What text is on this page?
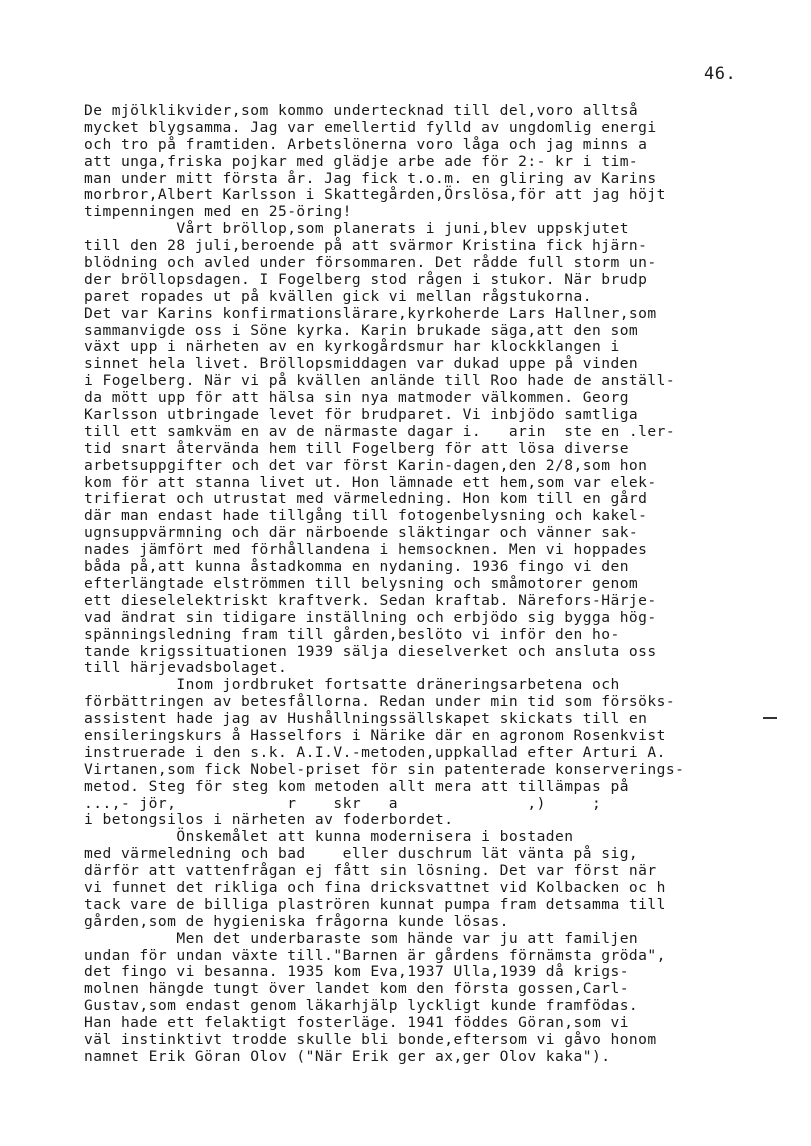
46.
De mjölklikvider,som kommo undertecknad till del,voro alltså
mycket blygsamma. Jag var emellertid fylld av ungdomlig energi
och tro på framtiden. Arbetslönerna voro låga och jag minns a
att unga,friska pojkar med glädje arbe ade för 2:- kr i tim-
man under mitt första år. Jag fick t.o.m. en glirin​g av Karins
morbror,Albert Karlsson i Skattegården,Örslösa,för att jag höjt
tim​penningen med en 25-öring!
Vårt bröllop,som planerats i juni,blev uppskjutet
till den 28 juli,beroende på att svärmor Kristina fick hjärn-
blödning och avled under försommaren. Det rådde full storm un-
der bröllopsdagen. I Fogelberg stod rågen i stukor. När brudp
paret ropades ut på kvällen gick vi mellan rågstukorna.
Det var Karins konfirmationslärare,kyrkoherde Lars Hallner,som
sammanvigde oss i Söne kyrka. Karin brukade säga,att den som
växt upp i närheten av en kyrkogårdsmur har klockklangen i
sinnet hela livet. Bröllopsmiddagen var dukad uppe på vinden
i Fogelberg. När vi på kvällen anlände till Roo hade de anställ-
da mött upp för att hälsa sin nya matmoder välkommen. Georg
Karlsson utbringade levet för brudparet. Vi inbjödo samtliga
till ett samkväm en av de närmaste dagar i.   arin  ste en .ler-
tid snart återvända hem till Fogelberg för att lösa diverse
arbetsuppgifter och det var först Karin-dagen,den 2/8,som hon
kom för att stanna livet ut. Hon lämnade ett hem,som var elek-
trifierat och utrustat med värmeledning. Hon kom till en gård
där man endast hade tillgång till fotogenbelysning och kakel-
ugnsuppvärmning och där närboende släktingar och vänner sak-
nades jämfört med förhållandena i hemsocknen. Men vi hoppades
båda på,att kunna åstadkomma en nydaning. 1936 fingo vi den
efterlängtade elströmmen till belysning och småmotorer genom
ett dieselelektriskt kraftverk. Sedan kraftab. Närefors-Härje-
vad ändrat sin tidigare inställning och erbjödo sig bygga hög-
spänningsledning fram till gården,beslöto vi inför den ho-
tande krigssituationen 1939 sälja dieselverket och ansluta oss
till härjevadsbolaget.
Inom jordbruket fortsatte dräneringsarbetena och
förbättringen av betesfållorna. Redan under min tid som försöks-
assistent hade jag av Hushållningssällskapet skickats till en
ensileringskurs å Hasselfors i Närike där en agronom Rosenkvist
instruerade i den s.k. A.I.V.-metoden,uppkallad efter Arturi A.
Virtanen,som fick Nobel-priset för sin patenterade konserverings-
metod. Steg för steg kom metoden allt mera att tillämpas på
...,- jör,            r    skr   a              ,)     ;
i betongsilos i närheten av foderbordet.
Önskemålet att kunna modernisera i bostaden
med värmeledning och bad    eller duschrum lät vänta på sig,
därför att vattenfrågan ej fått sin lösning. Det var först när
vi funnet det rikliga och fina dricksvattnet vid Kolbacken oc h
tack vare de billiga plaströren kunnat pumpa fram detsamma till
gården,som de hygieniska frågorna kunde lösas.
Men det underbaraste som hände var ju att familjen
undan för undan växte till."Barnen är gårdens förnämsta gröda",
det fingo vi besanna. 1935 kom Eva,1937 Ulla,1939 då krigs-
molnen hängde tungt över landet kom den första gossen,Carl-
Gustav,som endast genom läkarhjälp lyckligt kunde framfödas.
Han hade ett felaktigt fosterläge. 1941 föddes Göran,som vi
väl instinktivt trodde skulle bli bonde,eftersom vi gåvo honom
namnet Erik Göran Olov ("När Erik ger ax,ger Olov kaka").
